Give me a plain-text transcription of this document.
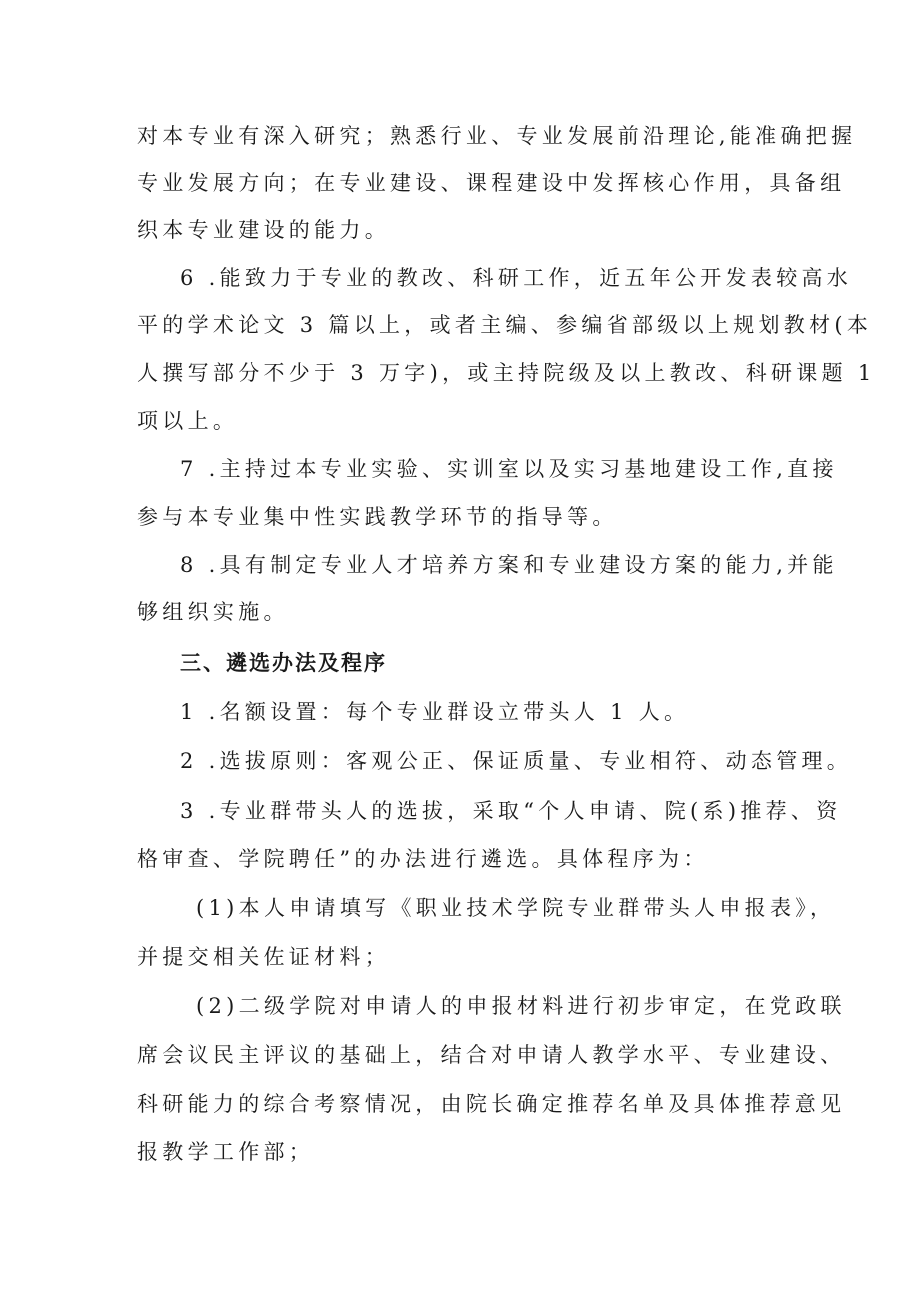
对本专业有深入研究；熟悉行业、专业发展前沿理论,能准确把握
专业发展方向；在专业建设、课程建设中发挥核心作用，具备组
织本专业建设的能力。
6 .能致力于专业的教改、科研工作，近五年公开发表较高水
平的学术论文 3 篇以上，或者主编、参编省部级以上规划教材(本
人撰写部分不少于 3 万字)，或主持院级及以上教改、科研课题 1
项以上。
7 .主持过本专业实验、实训室以及实习基地建设工作,直接
参与本专业集中性实践教学环节的指导等。
8 .具有制定专业人才培养方案和专业建设方案的能力,并能
够组织实施。
三、遴选办法及程序
1 .名额设置：每个专业群设立带头人 1 人。
2 .选拔原则：客观公正、保证质量、专业相符、动态管理。
3 .专业群带头人的选拔，采取“个人申请、院(系)推荐、资
格审查、学院聘任”的办法进行遴选。具体程序为：
(1)本人申请填写《职业技术学院专业群带头人申报表》，
并提交相关佐证材料；
(2)二级学院对申请人的申报材料进行初步审定，在党政联
席会议民主评议的基础上，结合对申请人教学水平、专业建设、
科研能力的综合考察情况，由院长确定推荐名单及具体推荐意见
报教学工作部；
